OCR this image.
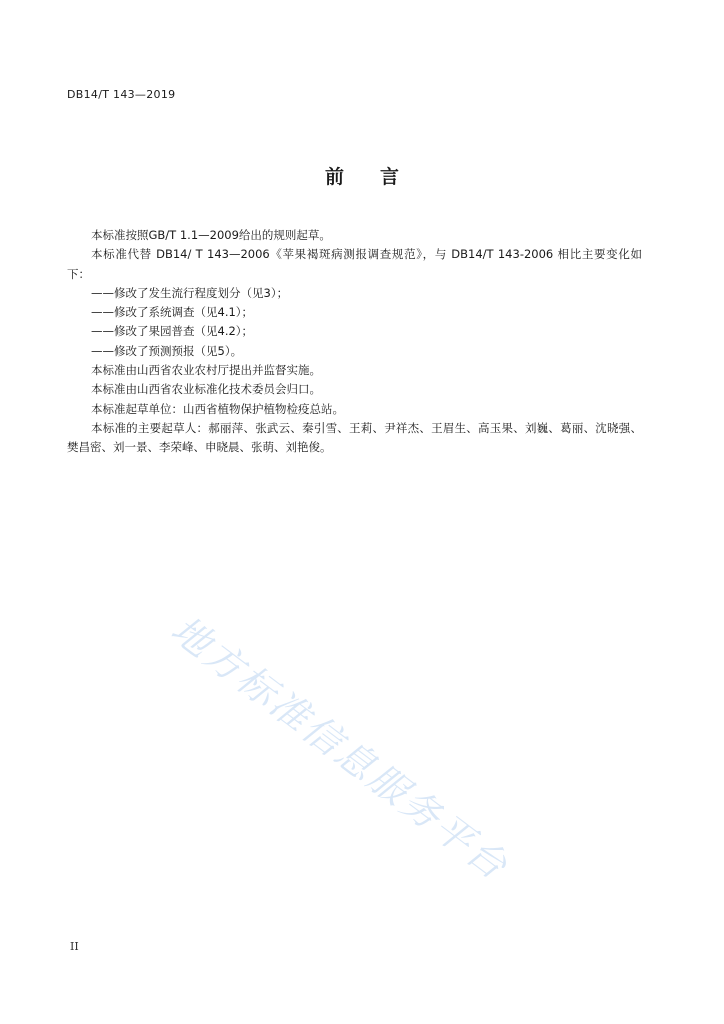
DB14/T 143—2019
前 言

本标准按照GB/T 1.1—2009给出的规则起草。

本标准代替 DB14/ T 143—2006《苹果褐斑病测报调查规范》，与 DB14/T 143-2006 相比主要变化如下：

——修改了发生流行程度划分（见3）；

——修改了系统调查（见4.1）；

——修改了果园普查（见4.2）；

——修改了预测预报（见5）。

本标准由山西省农业农村厅提出并监督实施。

本标准由山西省农业标准化技术委员会归口。

本标准起草单位：山西省植物保护植物检疫总站。

本标准的主要起草人：郝丽萍、张武云、秦引雪、王莉、尹祥杰、王眉生、高玉果、刘巍、葛丽、沈晓强、樊昌密、刘一景、李荣峰、申晓晨、张萌、刘艳俊。

地方标准信息服务平台
II
